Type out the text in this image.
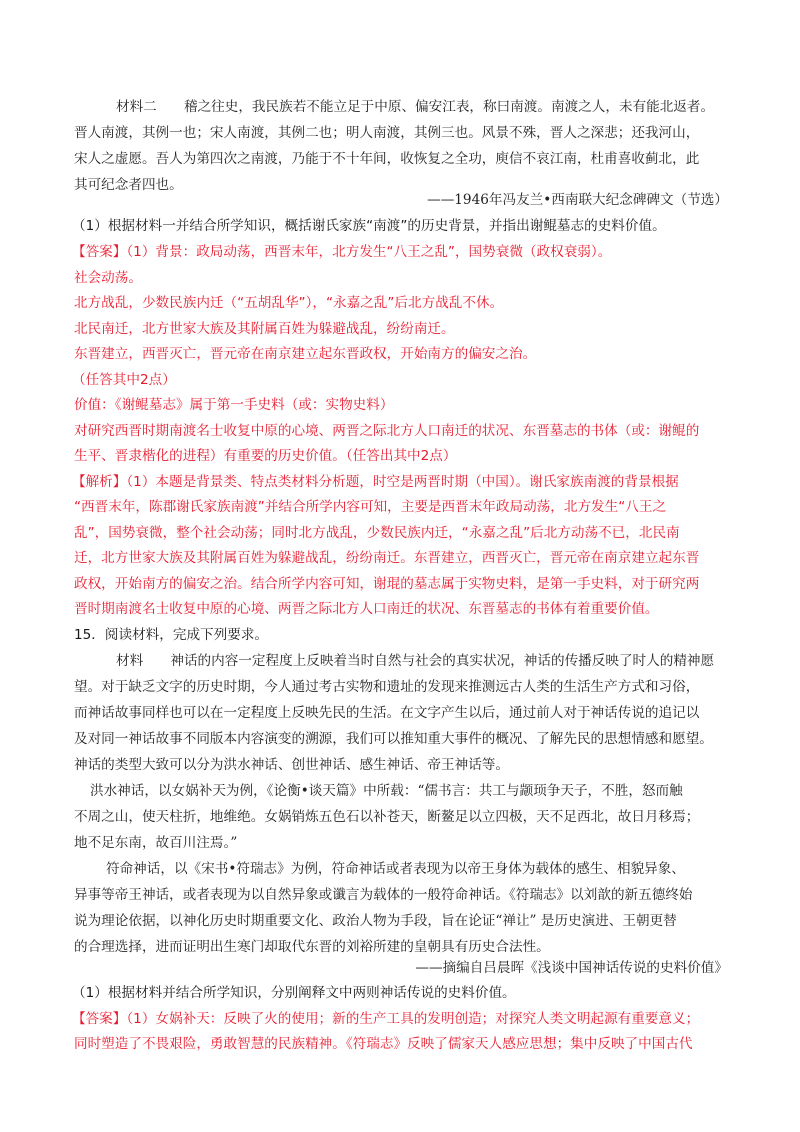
材料二　　稽之往史，我民族若不能立足于中原、偏安江表，称曰南渡。南渡之人，未有能北返者。
晋人南渡，其例一也；宋人南渡，其例二也；明人南渡，其例三也。风景不殊，晋人之深悲；还我河山，
宋人之虚愿。吾人为第四次之南渡，乃能于不十年间，收恢复之全功，庾信不哀江南，杜甫喜收蓟北，此
其可纪念者四也。
——1946年冯友兰•西南联大纪念碑碑文（节选）
（1）根据材料一并结合所学知识，概括谢氏家族“南渡”的历史背景，并指出谢鲲墓志的史料价值。
【答案】（1）背景：政局动荡，西晋末年，北方发生“八王之乱”，国势衰微（政权衰弱）。
社会动荡。
北方战乱，少数民族内迁（“五胡乱华”），“永嘉之乱”后北方战乱不休。
北民南迁，北方世家大族及其附属百姓为躲避战乱，纷纷南迁。
东晋建立，西晋灭亡，晋元帝在南京建立起东晋政权，开始南方的偏安之治。
（任答其中2点）
价值：《谢鲲墓志》属于第一手史料（或：实物史料）
对研究西晋时期南渡名士收复中原的心境、两晋之际北方人口南迁的状况、东晋墓志的书体（或：谢鲲的
生平、晋隶楷化的进程）有重要的历史价值。（任答出其中2点）
【解析】（1）本题是背景类、特点类材料分析题，时空是两晋时期（中国）。谢氏家族南渡的背景根据
“西晋末年，陈郡谢氏家族南渡”并结合所学内容可知，主要是西晋末年政局动荡，北方发生“八王之
乱”，国势衰微，整个社会动荡；同时北方战乱，少数民族内迁，“永嘉之乱”后北方动荡不已，北民南
迁，北方世家大族及其附属百姓为躲避战乱，纷纷南迁。东晋建立，西晋灭亡，晋元帝在南京建立起东晋
政权，开始南方的偏安之治。结合所学内容可知，谢琨的墓志属于实物史料，是第一手史料，对于研究两
晋时期南渡名士收复中原的心境、两晋之际北方人口南迁的状况、东晋墓志的书体有着重要价值。
15．阅读材料，完成下列要求。
材料　　神话的内容一定程度上反映着当时自然与社会的真实状况，神话的传播反映了时人的精神愿
望。对于缺乏文字的历史时期，今人通过考古实物和遗址的发现来推测远古人类的生活生产方式和习俗，
而神话故事同样也可以在一定程度上反映先民的生活。在文字产生以后，通过前人对于神话传说的追记以
及对同一神话故事不同版本内容演变的溯源，我们可以推知重大事件的概况、了解先民的思想情感和愿望。
神话的类型大致可以分为洪水神话、创世神话、感生神话、帝王神话等。
洪水神话，以女娲补天为例，《论衡•谈天篇》中所载：“儒书言：共工与颛顼争天子，不胜，怒而触
不周之山，使天柱折，地维绝。女娲销炼五色石以补苍天，断鳌足以立四极，天不足西北，故日月移焉；
地不足东南，故百川注焉。”
符命神话，以《宋书•符瑞志》为例，符命神话或者表现为以帝王身体为载体的感生、相貌异象、
异事等帝王神话，或者表现为以自然异象或谶言为载体的一般符命神话。《符瑞志》以刘歆的新五德终始
说为理论依据，以神化历史时期重要文化、政治人物为手段，旨在论证“禅让” 是历史演进、王朝更替
的合理选择，进而证明出生寒门却取代东晋的刘裕所建的皇朝具有历史合法性。
——摘编自吕晨晖《浅谈中国神话传说的史料价值》
（1）根据材料并结合所学知识，分别阐释文中两则神话传说的史料价值。
【答案】（1）女娲补天：反映了火的使用；新的生产工具的发明创造；对探究人类文明起源有重要意义；
同时塑造了不畏艰险，勇敢智慧的民族精神。《符瑞志》反映了儒家天人感应思想；集中反映了中国古代
